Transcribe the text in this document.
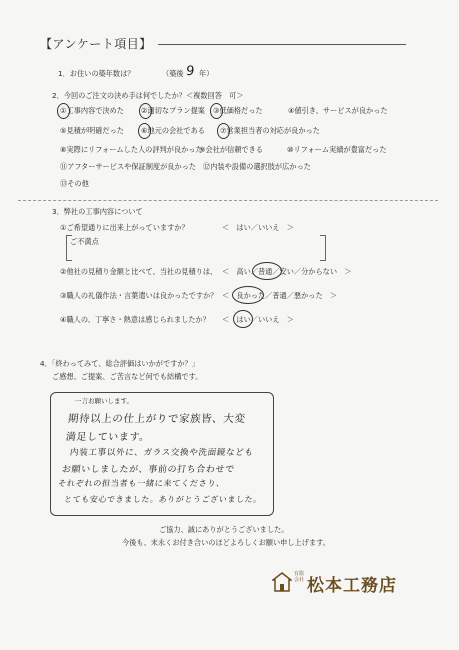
【アンケート項目】
1．お住いの築年数は？	（築後 9 年）
2．今回のご注文の決め手は何でしたか？＜複数回答　可＞
①工事内容で決めた ②適切なプラン提案 ③低価格だった	④値引き、サービスが良かった
⑤見積が明確だった ⑥地元の会社である ⑦営業担当者の対応が良かった
⑧実際にリフォームした人の評判が良かった
⑨会社が信頼できる	⑩リフォーム実績が豊富だった
⑪アフターサービスや保証制度が良かった ⑫内装や設備の選択肢が広かった
⑬その他
3．弊社の工事内容について
①ご希望通りに出来上がっていますか？	＜　はい／いいえ　＞
ご不満点
②他社の見積り金額と比べて、当社の見積りは、 ＜　高い／普通／安い／分からない　＞
③職人の礼儀作法・言葉遣いは良かったですか？ ＜　良かった／普通／悪かった　＞
④職人の、丁寧さ・熱意は感じられましたか？ ＜　はい／いいえ　＞
4．「終わってみて、総合評価はいかがですか？」
ご感想、ご提案、ご苦言など何でも結構です。
一言お願いします。
期待以上の仕上がりで家族皆、大変
満足しています。
内装工事以外に、ガラス交換や洗面鏡なども
お願いしましたが、事前の打ち合わせで
それぞれの担当者も一緒に来てくださり、
とても安心できました。ありがとうございました。
ご協力、誠にありがとうございました。
今後も、末永くお付き合いのほどよろしくお願い申し上げます。
有限会社 松本工務店
